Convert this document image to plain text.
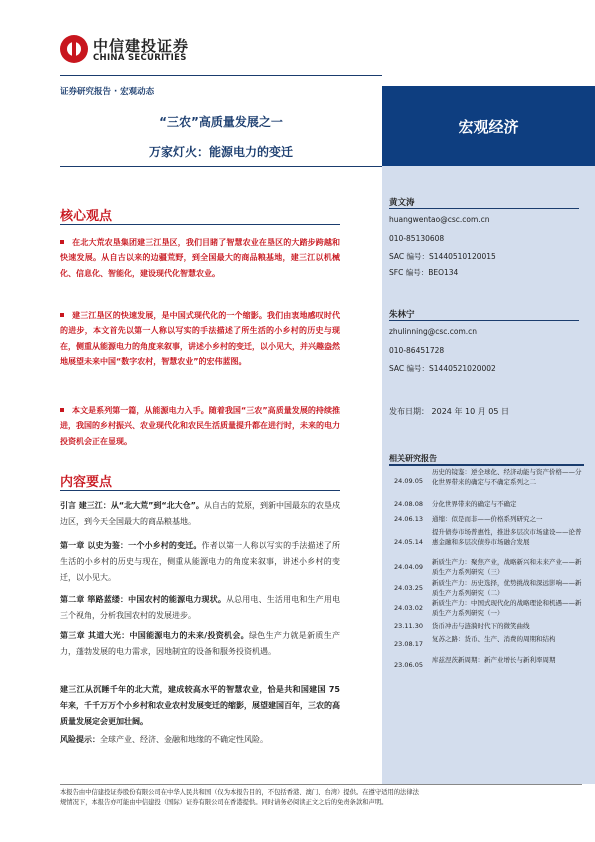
中信建投证券
CHINA SECURITIES
证券研究报告 · 宏观动态
“三农”高质量发展之一
万家灯火：能源电力的变迁
宏观经济
黄文涛
huangwentao@csc.com.cn
010-85130608
SAC 编号：S1440510120015
SFC 编号：BEO134
朱林宁
zhulinning@csc.com.cn
010-86451728
SAC 编号：S1440521020002
发布日期： 2024 年 10 月 05 日
相关研究报告
24.09.05
历史的镜鉴：逆全球化、经济动能与资产价格——分化世界带来的确定与不确定系列之二
24.08.08 分化世界带来的确定与不确定
24.06.13 通缩：似是而非——价格系列研究之一
24.05.14
提升债券市场普惠性，推进多层次市场建设——论普惠金融和多层次债券市场融合发展
24.04.09
新质生产力：聚焦产业，战略新兴和未来产业——新质生产力系列研究（三）
24.03.25
新质生产力：历史选择，优势挑战和深远影响——新质生产力系列研究（二）
24.03.02
新质生产力：中国式现代化的战略理论和机遇——新质生产力系列研究（一）
23.11.30 货币冲击与涟漪时代下的微笑曲线
23.08.17
复苏之路：货币、生产、消费的周期和结构
23.06.05
库兹涅茨新周期：新产业增长与新利率周期
核心观点
在北大荒农垦集团建三江垦区，我们目睹了智慧农业在垦区的大踏步跨越和快速发展。从自古以来的边疆荒野，到全国最大的商品粮基地，建三江以机械化、信息化、智能化，建设现代化智慧农业。
建三江垦区的快速发展，是中国式现代化的一个缩影。我们由衷地感叹时代的进步，本文首先以第一人称以写实的手法描述了所生活的小乡村的历史与现在，侧重从能源电力的角度来叙事，讲述小乡村的变迁，以小见大，并兴趣盎然地展望未来中国“数字农村，智慧农业”的宏伟蓝图。
本文是系列第一篇，从能源电力入手。随着我国“三农”高质量发展的持续推进，我国的乡村振兴、农业现代化和农民生活质量提升都在进行时，未来的电力投资机会正在显现。
内容要点
引言 建三江：从“北大荒”到“北大仓”。从自古的荒原，到新中国最东的农垦戍边区，到今天全国最大的商品粮基地。
第一章 以史为鉴：一个小乡村的变迁。作者以第一人称以写实的手法描述了所生活的小乡村的历史与现在，侧重从能源电力的角度来叙事，讲述小乡村的变迁，以小见大。
第二章 筚路蓝缕：中国农村的能源电力现状。从总用电、生活用电和生产用电三个视角，分析我国农村的发展进步。
第三章 其道大光：中国能源电力的未来/投资机会。绿色生产力就是新质生产力，蓬勃发展的电力需求，因地制宜的设备和服务投资机遇。
建三江从沉睡千年的北大荒，建成较高水平的智慧农业，恰是共和国建国 75 年来，千千万万个小乡村和农业农村发展变迁的缩影，展望建国百年，三农的高质量发展定会更加壮阔。
风险提示：全球产业、经济、金融和地缘的不确定性风险。
本报告由中信建投证券股份有限公司在中华人民共和国（仅为本报告目的，不包括香港、澳门、台湾）提供。在遵守适用的法律法
规情况下，本报告亦可能由中信建投（国际）证券有限公司在香港提供。同时请务必阅读正文之后的免责条款和声明。
